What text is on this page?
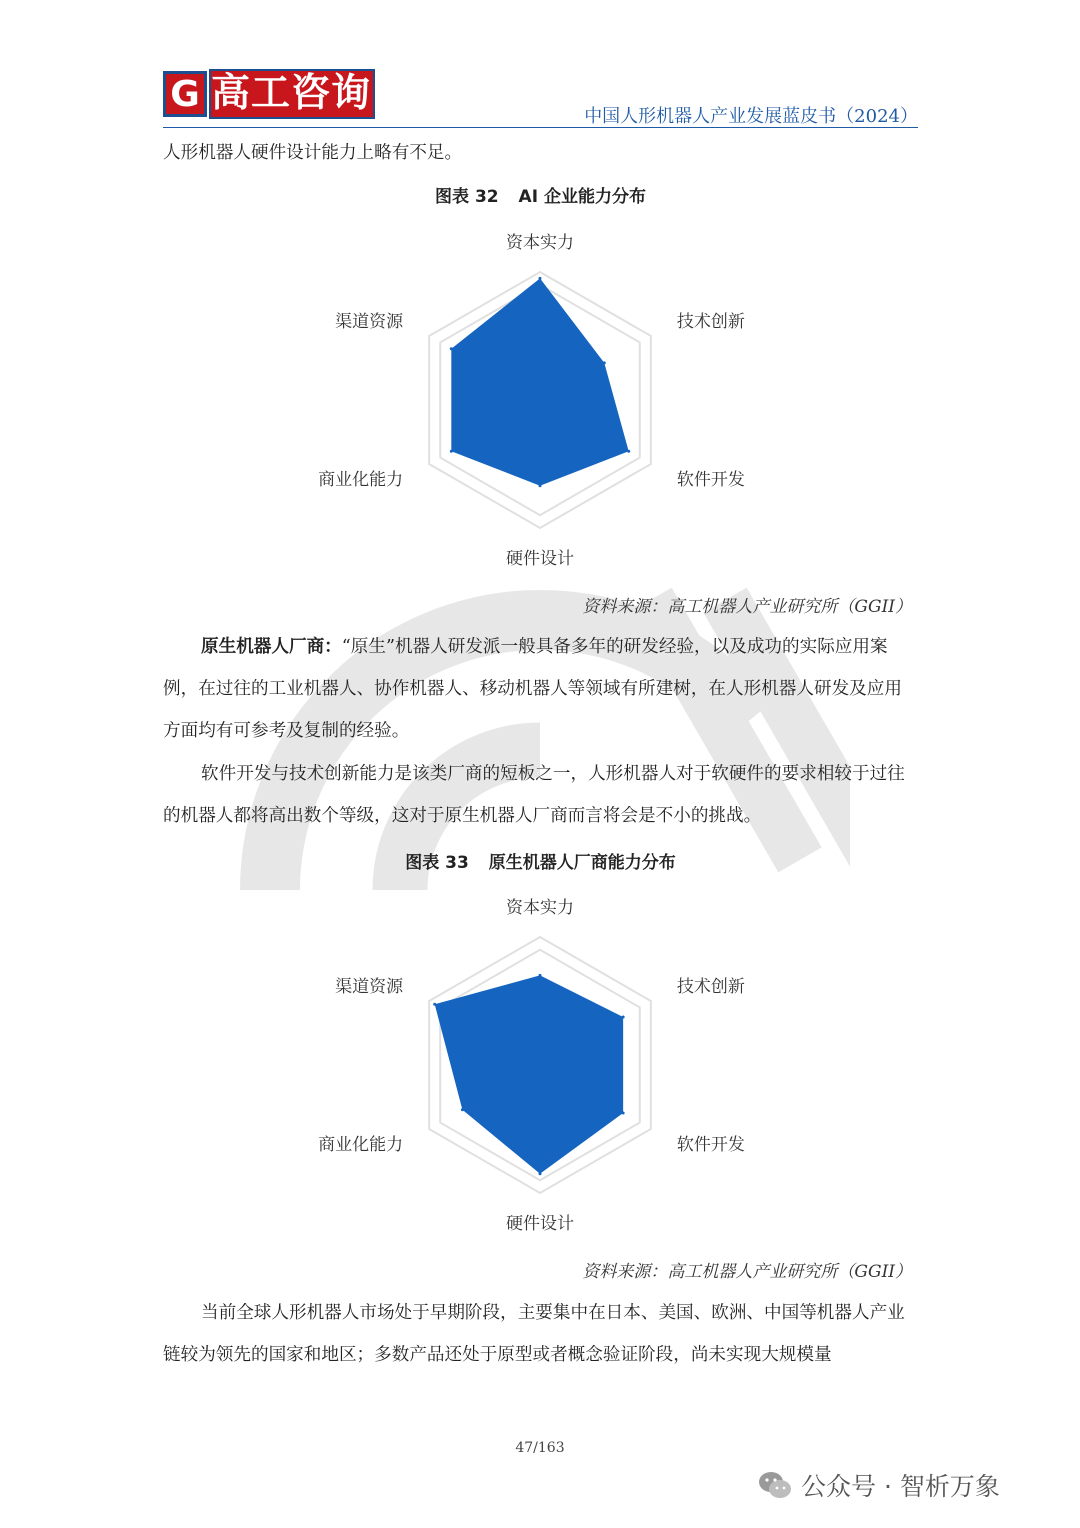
G 高工咨询
中国人形机器人产业发展蓝皮书（2024）

人形机器人硬件设计能力上略有不足。

图表 32 AI 企业能力分布
资本实力
技术创新
软件开发
硬件设计
商业化能力
渠道资源
资料来源：高工机器人产业研究所（GGII）

原生机器人厂商：“原生”机器人研发派一般具备多年的研发经验，以及成功的实际应用案例，在过往的工业机器人、协作机器人、移动机器人等领域有所建树，在人形机器人研发及应用方面均有可参考及复制的经验。

软件开发与技术创新能力是该类厂商的短板之一，人形机器人对于软硬件的要求相较于过往的机器人都将高出数个等级，这对于原生机器人厂商而言将会是不小的挑战。

图表 33 原生机器人厂商能力分布
资本实力
技术创新
软件开发
硬件设计
商业化能力
渠道资源
资料来源：高工机器人产业研究所（GGII）

当前全球人形机器人市场处于早期阶段，主要集中在日本、美国、欧洲、中国等机器人产业链较为领先的国家和地区；多数产品还处于原型或者概念验证阶段，尚未实现大规模量

47/163
公众号 · 智析万象
